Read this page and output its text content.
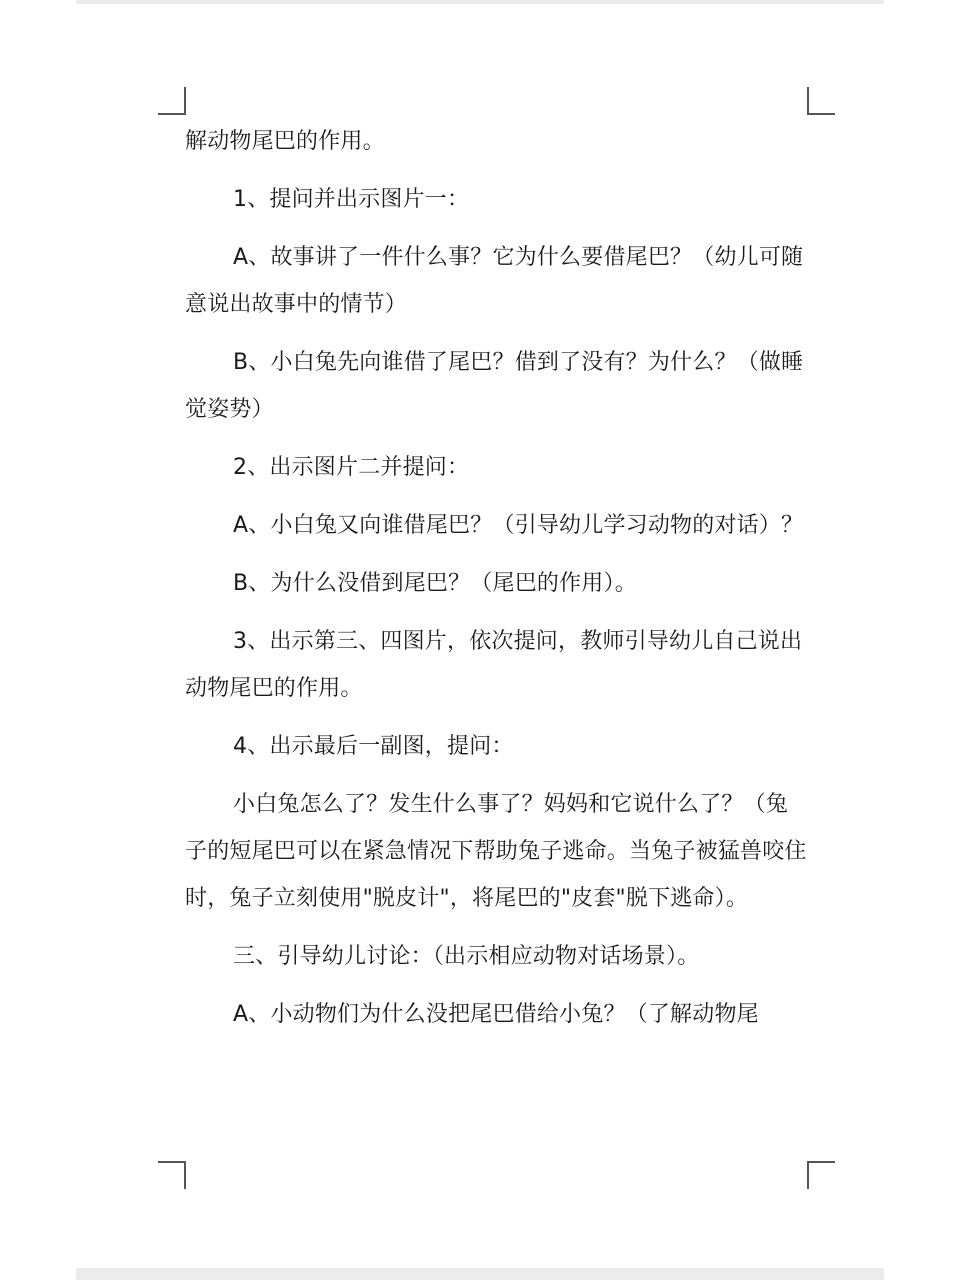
解动物尾巴的作用。

1、提问并出示图片一：

A、故事讲了一件什么事？它为什么要借尾巴？（幼儿可随意说出故事中的情节）

B、小白兔先向谁借了尾巴？借到了没有？为什么？（做睡觉姿势）

2、出示图片二并提问：

A、小白兔又向谁借尾巴？（引导幼儿学习动物的对话）？

B、为什么没借到尾巴？（尾巴的作用）。

3、出示第三、四图片，依次提问，教师引导幼儿自己说出动物尾巴的作用。

4、出示最后一副图，提问：

小白兔怎么了？发生什么事了？妈妈和它说什么了？（兔子的短尾巴可以在紧急情况下帮助兔子逃命。当兔子被猛兽咬住时，兔子立刻使用"脱皮计"，将尾巴的"皮套"脱下逃命）。

三、引导幼儿讨论：（出示相应动物对话场景）。

A、小动物们为什么没把尾巴借给小兔？（了解动物尾
